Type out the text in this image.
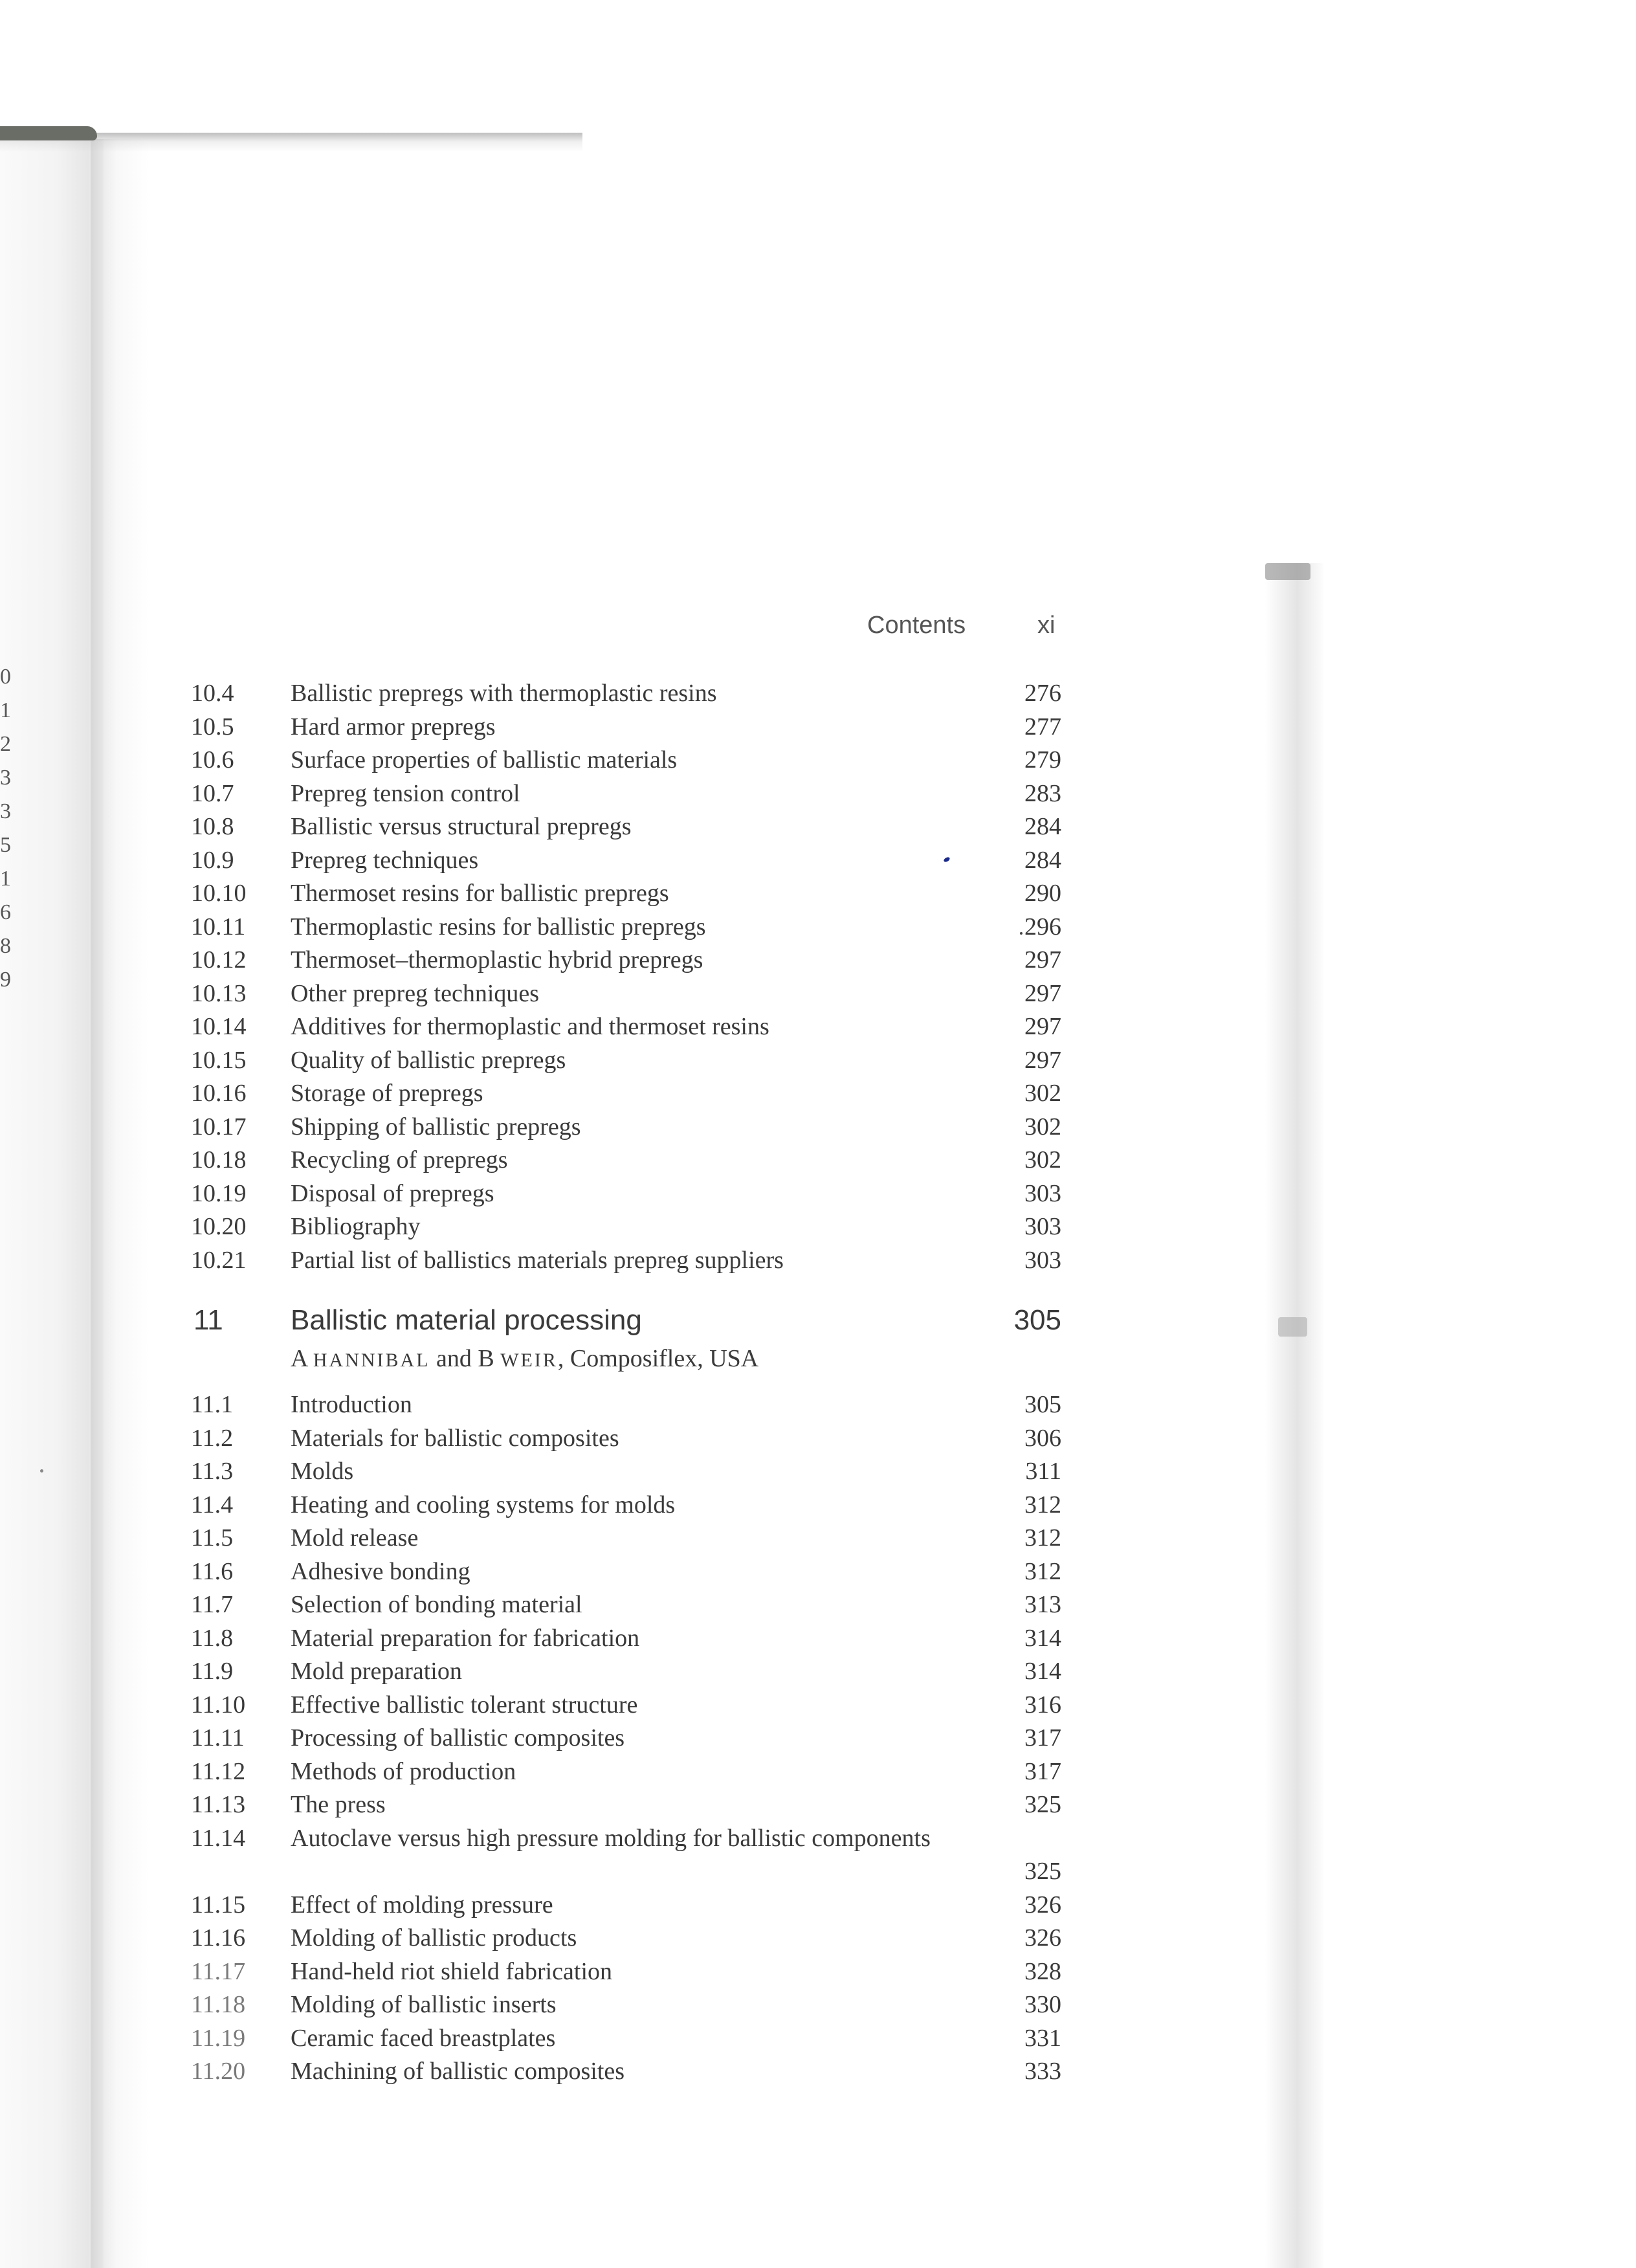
0
1
2
3
3
5
1
6
8
9
Contents	xi
10.4 Ballistic prepregs with thermoplastic resins	276
10.5 Hard armor prepregs	277
10.6 Surface properties of ballistic materials	279
10.7 Prepreg tension control	283
10.8 Ballistic versus structural prepregs	284
10.9 Prepreg techniques	284
10.10 Thermoset resins for ballistic prepregs	290
10.11 Thermoplastic resins for ballistic prepregs	296
10.12 Thermoset–thermoplastic hybrid prepregs	297
10.13 Other prepreg techniques	297
10.14 Additives for thermoplastic and thermoset resins	297
10.15 Quality of ballistic prepregs	297
10.16 Storage of prepregs	302
10.17 Shipping of ballistic prepregs	302
10.18 Recycling of prepregs	302
10.19 Disposal of prepregs	303
10.20 Bibliography	303
10.21 Partial list of ballistics materials prepreg suppliers	303
11 Ballistic material processing	305
A HANNIBAL and B WEIR, Composiflex, USA
11.1 Introduction	305
11.2 Materials for ballistic composites	306
11.3 Molds	311
11.4 Heating and cooling systems for molds	312
11.5 Mold release	312
11.6 Adhesive bonding	312
11.7 Selection of bonding material	313
11.8 Material preparation for fabrication	314
11.9 Mold preparation	314
11.10 Effective ballistic tolerant structure	316
11.11 Processing of ballistic composites	317
11.12 Methods of production	317
11.13 The press	325
11.14 Autoclave versus high pressure molding for ballistic components
325
11.15 Effect of molding pressure	326
11.16 Molding of ballistic products	326
11.17 Hand-held riot shield fabrication	328
11.18 Molding of ballistic inserts	330
11.19 Ceramic faced breastplates	331
11.20 Machining of ballistic composites	333
